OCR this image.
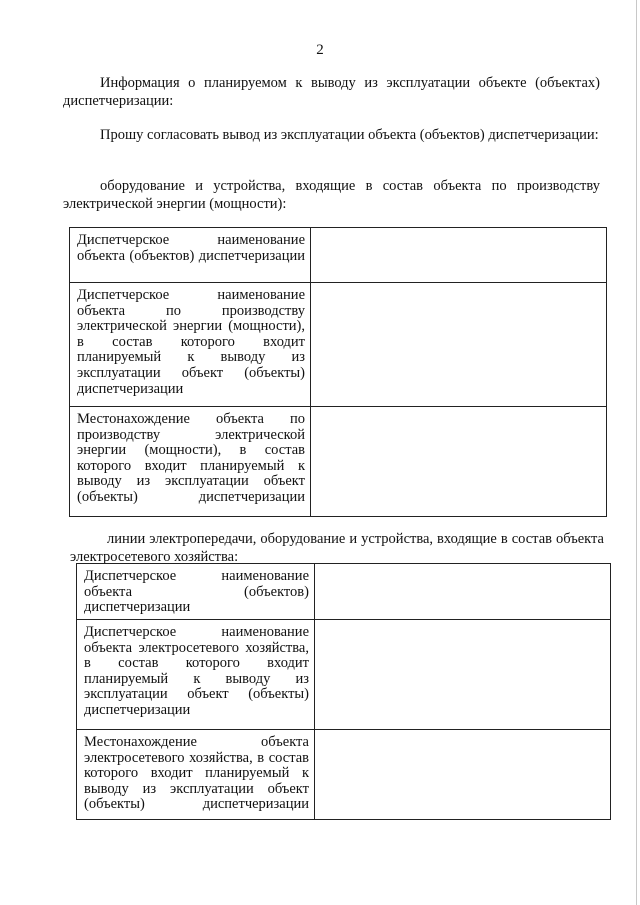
2
Информация о планируемом к выводу из эксплуатации объекте (объектах) диспетчеризации:
Прошу согласовать вывод из эксплуатации объекта (объектов) диспетчеризации:
оборудование и устройства, входящие в состав объекта по производству электрической энергии (мощности):
Диспетчерское наименование объекта (объектов) диспетчеризации	

Диспетчерское наименование объекта по производству электрической энергии (мощности), в состав которого входит планируемый к выводу из эксплуатации объект (объекты) диспетчеризации	

Местонахождение объекта по производству электрической энергии (мощности), в состав которого входит планируемый к выводу из эксплуатации объект (объекты) диспетчеризации	

линии электропередачи, оборудование и устройства, входящие в состав объекта электросетевого хозяйства:
Диспетчерское наименование объекта (объектов) диспетчеризации	

Диспетчерское наименование объекта электросетевого хозяйства, в состав которого входит планируемый к выводу из эксплуатации объект (объекты) диспетчеризации	

Местонахождение объекта электросетевого хозяйства, в состав которого входит планируемый к выводу из эксплуатации объект (объекты) диспетчеризации	
